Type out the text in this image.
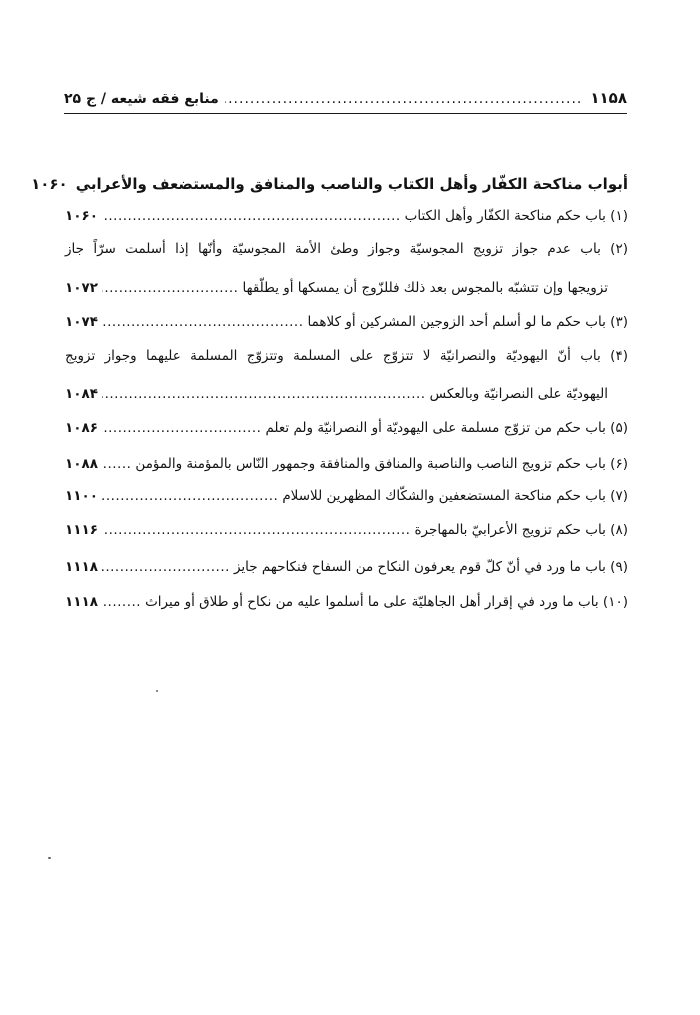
۱۱۵۸
.....
منابع فقه شیعه / ج ۲۵
أبواب مناكحة الكفّار وأهل الكتاب والناصب والمنافق والمستضعف والأعرابي
۱۰۶۰
(۱) باب حكم مناكحة الكفّار وأهل الكتاب
.....
۱۰۶۰
(۲) باب عدم جواز تزويج المجوسيّة وجواز وطئ الأمة المجوسيّة وأنّها إذا أسلمت سرّاً جاز
تزويجها وإن تتشبّه بالمجوس بعد ذلك فللزّوج أن يمسكها أو يطلّقها
.....
۱۰۷۲
(۳) باب حكم ما لو أسلم أحد الزوجين المشركين أو كلاهما
.....
۱۰۷۴
(۴) باب أنّ اليهوديّة والنصرانيّة لا تتزوّج على المسلمة وتتزوّج المسلمة عليهما وجواز تزويج
اليهوديّة على النصرانيّة وبالعكس
.....
۱۰۸۴
(۵) باب حكم من تزوّج مسلمة على اليهوديّة أو النصرانيّة ولم تعلم
.....
۱۰۸۶
(۶) باب حكم تزويج الناصب والناصبة والمنافق والمنافقة وجمهور النّاس بالمؤمنة والمؤمن
.....
۱۰۸۸
(۷) باب حكم مناكحة المستضعفين والشكّاك المظهرين للاسلام
.....
۱۱۰۰
(۸) باب حكم تزويج الأعرابيّ بالمهاجرة
.....
۱۱۱۶
(۹) باب ما ورد في أنّ كلّ قوم يعرفون النكاح من السفاح فنكاحهم جايز
.....
۱۱۱۸
(۱۰) باب ما ورد في إقرار أهل الجاهليّة على ما أسلموا عليه من نكاح أو طلاق أو ميراث
.....
۱۱۱۸
